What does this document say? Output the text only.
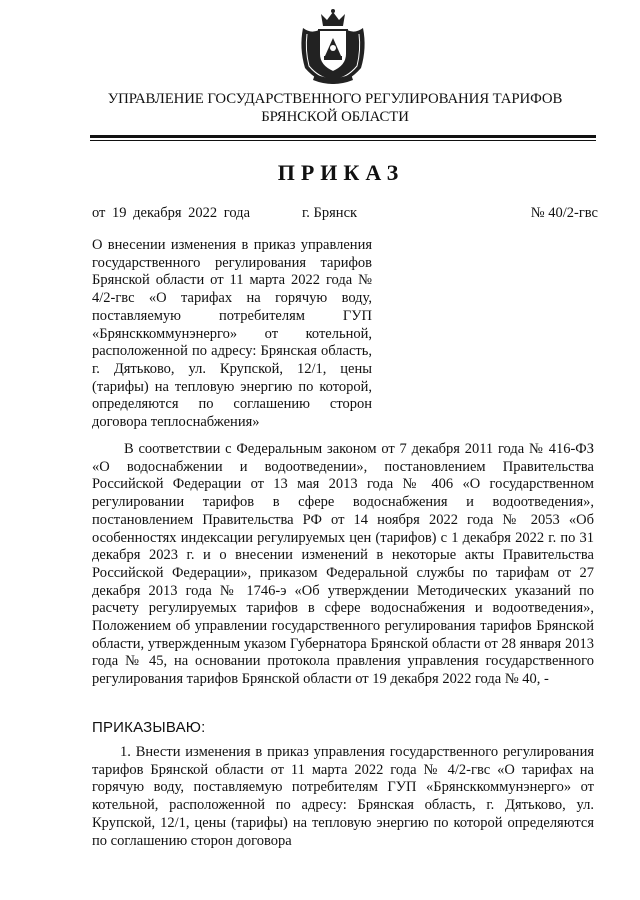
УПРАВЛЕНИЕ ГОСУДАРСТВЕННОГО РЕГУЛИРОВАНИЯ ТАРИФОВ
БРЯНСКОЙ ОБЛАСТИ
ПРИКАЗ
от 19 декабря 2022 года	г. Брянск	№ 40/2-гвс
О внесении изменения в приказ управления государственного регулирования тарифов Брянской области от 11 марта 2022 года № 4/2-гвс «О тарифах на горячую воду, поставляемую потребителям ГУП «Брянсккоммунэнерго» от котельной, расположенной по адресу: Брянская область, г. Дятьково, ул. Крупской, 12/1, цены (тарифы) на тепловую энергию по которой, определяются по соглашению сторон договора теплоснабжения»

В соответствии с Федеральным законом от 7 декабря 2011 года № 416-ФЗ «О водоснабжении и водоотведении», постановлением Правительства Российской Федерации от 13 мая 2013 года № 406 «О государственном регулировании тарифов в сфере водоснабжения и водоотведения», постановлением Правительства РФ от 14 ноября 2022 года № 2053 «Об особенностях индексации регулируемых цен (тарифов) с 1 декабря 2022 г. по 31 декабря 2023 г. и о внесении изменений в некоторые акты Правительства Российской Федерации», приказом Федеральной службы по тарифам от 27 декабря 2013 года № 1746-э «Об утверждении Методических указаний по расчету регулируемых тарифов в сфере водоснабжения и водоотведения», Положением об управлении государственного регулирования тарифов Брянской области, утвержденным указом Губернатора Брянской области от 28 января 2013 года № 45, на основании протокола правления управления государственного регулирования тарифов Брянской области от 19 декабря 2022 года № 40, -

ПРИКАЗЫВАЮ:

1. Внести изменения в приказ управления государственного регулирования тарифов Брянской области от 11 марта 2022 года № 4/2-гвс «О тарифах на горячую воду, поставляемую потребителям ГУП «Брянсккоммунэнерго» от котельной, расположенной по адресу: Брянская область, г. Дятьково, ул. Крупской, 12/1, цены (тарифы) на тепловую энергию по которой определяются по соглашению сторон договора
